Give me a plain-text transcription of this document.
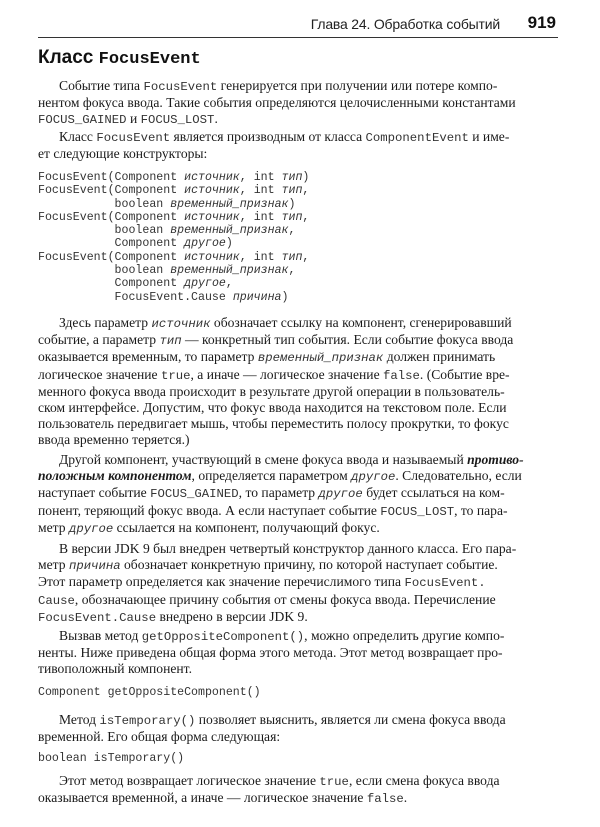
Глава 24. Обработка событий 919
Класс FocusEvent

Событие типа FocusEvent генерируется при получении или потере компо-
нентом фокуса ввода. Такие события определяются целочисленными константами
FOCUS_GAINED и FOCUS_LOST.

Класс FocusEvent является производным от класса ComponentEvent и име-
ет следующие конструкторы:

FocusEvent(Component источник, int тип)
FocusEvent(Component источник, int тип,
boolean временный_признак)
FocusEvent(Component источник, int тип,
boolean временный_признак,
Component другое)
FocusEvent(Component источник, int тип,
boolean временный_признак,
Component другое,
FocusEvent.Cause причина)

Здесь параметр источник обозначает ссылку на компонент, сгенерировавший
событие, а параметр тип — конкретный тип события. Если событие фокуса ввода
оказывается временным, то параметр временный_признак должен принимать
логическое значение true, а иначе — логическое значение false. (Событие вре-
менного фокуса ввода происходит в результате другой операции в пользователь-
ском интерфейсе. Допустим, что фокус ввода находится на текстовом поле. Если
пользователь передвигает мышь, чтобы переместить полосу прокрутки, то фокус
ввода временно теряется.)

Другой компонент, участвующий в смене фокуса ввода и называемый противо-
положным компонентом, определяется параметром другое. Следовательно, если
наступает событие FOCUS_GAINED, то параметр другое будет ссылаться на ком-
понент, теряющий фокус ввода. А если наступает событие FOCUS_LOST, то пара-
метр другое ссылается на компонент, получающий фокус.

В версии JDK 9 был внедрен четвертый конструктор данного класса. Его пара-
метр причина обозначает конкретную причину, по которой наступает событие.
Этот параметр определяется как значение перечислимого типа FocusEvent.
Cause, обозначающее причину события от смены фокуса ввода. Перечисление
FocusEvent.Cause внедрено в версии JDK 9.

Вызвав метод getOppositeComponent(), можно определить другие компо-
ненты. Ниже приведена общая форма этого метода. Этот метод возвращает про-
тивоположный компонент.

Component getOppositeComponent()

Метод isTemporary() позволяет выяснить, является ли смена фокуса ввода
временной. Его общая форма следующая:

boolean isTemporary()

Этот метод возвращает логическое значение true, если смена фокуса ввода
оказывается временной, а иначе — логическое значение false.
